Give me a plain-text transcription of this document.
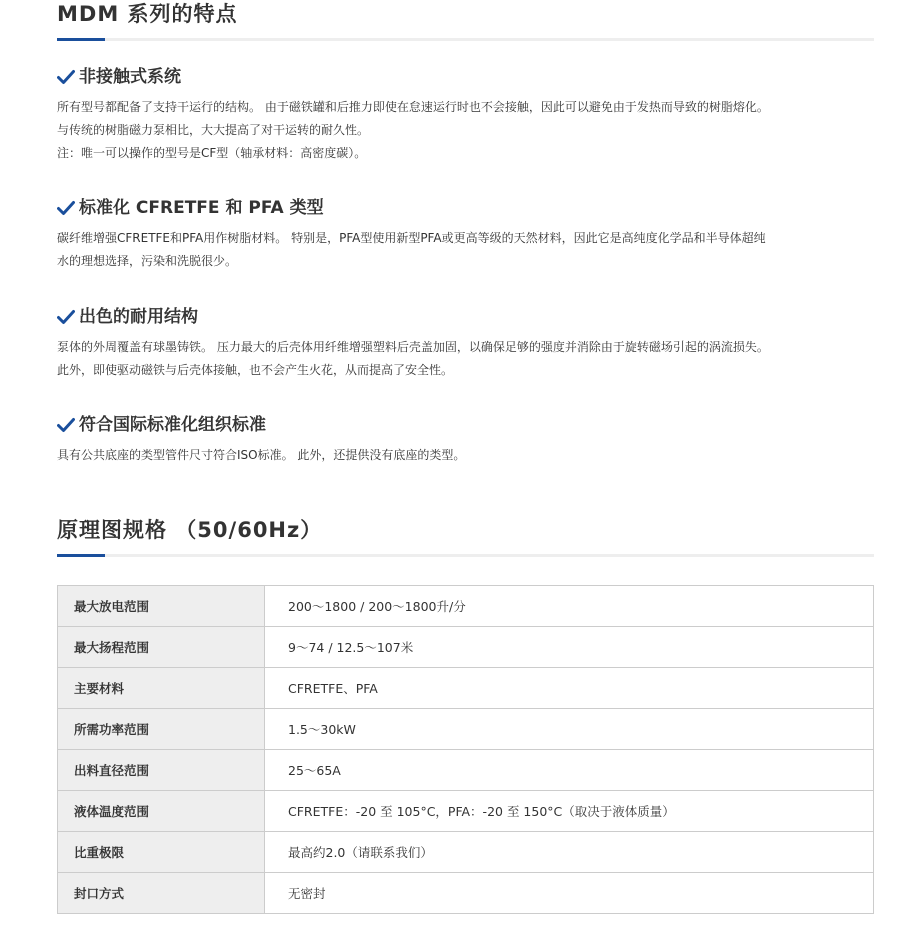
MDM 系列的特点
非接触式系统
所有型号都配备了支持干运行的结构。 由于磁铁罐和后推力即使在怠速运行时也不会接触，因此可以避免由于发热而导致的树脂熔化。
与传统的树脂磁力泵相比，大大提高了对干运转的耐久性。
注：唯一可以操作的型号是CF型（轴承材料：高密度碳）。
标准化 CFRETFE 和 PFA 类型
碳纤维增强CFRETFE和PFA用作树脂材料。 特别是，PFA型使用新型PFA或更高等级的天然材料，因此它是高纯度化学品和半导体超纯
水的理想选择，污染和洗脱很少。
出色的耐用结构
泵体的外周覆盖有球墨铸铁。 压力最大的后壳体用纤维增强塑料后壳盖加固，以确保足够的强度并消除由于旋转磁场引起的涡流损失。
此外，即使驱动磁铁与后壳体接触，也不会产生火花，从而提高了安全性。
符合国际标准化组织标准
具有公共底座的类型管件尺寸符合ISO标准。 此外，还提供没有底座的类型。
原理图规格 （50/60Hz）
最大放电范围	200～1800 / 200～1800升/分
最大扬程范围	9～74 / 12.5～107米
主要材料	CFRETFE、PFA
所需功率范围	1.5～30kW
出料直径范围	25～65A
液体温度范围	CFRETFE：-20 至 105°C，PFA：-20 至 150°C（取决于液体质量）
比重极限	最高约2.0（请联系我们）
封口方式	无密封
